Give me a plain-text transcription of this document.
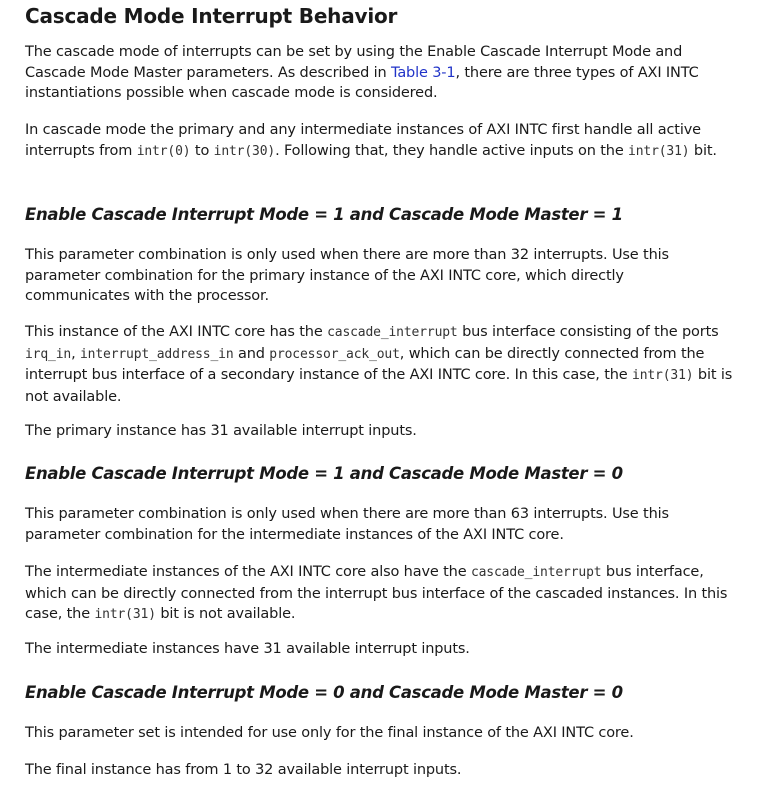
Cascade Mode Interrupt Behavior

The cascade mode of interrupts can be set by using the Enable Cascade Interrupt Mode and Cascade Mode Master parameters. As described in Table 3-1, there are three types of AXI INTC instantiations possible when cascade mode is considered.

In cascade mode the primary and any intermediate instances of AXI INTC first handle all active interrupts from intr(0) to intr(30). Following that, they handle active inputs on the intr(31) bit.

Enable Cascade Interrupt Mode = 1 and Cascade Mode Master = 1

This parameter combination is only used when there are more than 32 interrupts. Use this parameter combination for the primary instance of the AXI INTC core, which directly communicates with the processor.

This instance of the AXI INTC core has the cascade_interrupt bus interface consisting of the ports irq_in, interrupt_address_in and processor_ack_out, which can be directly connected from the interrupt bus interface of a secondary instance of the AXI INTC core. In this case, the intr(31) bit is not available.

The primary instance has 31 available interrupt inputs.

Enable Cascade Interrupt Mode = 1 and Cascade Mode Master = 0

This parameter combination is only used when there are more than 63 interrupts. Use this parameter combination for the intermediate instances of the AXI INTC core.

The intermediate instances of the AXI INTC core also have the cascade_interrupt bus interface, which can be directly connected from the interrupt bus interface of the cascaded instances. In this case, the intr(31) bit is not available.

The intermediate instances have 31 available interrupt inputs.

Enable Cascade Interrupt Mode = 0 and Cascade Mode Master = 0

This parameter set is intended for use only for the final instance of the AXI INTC core.

The final instance has from 1 to 32 available interrupt inputs.
